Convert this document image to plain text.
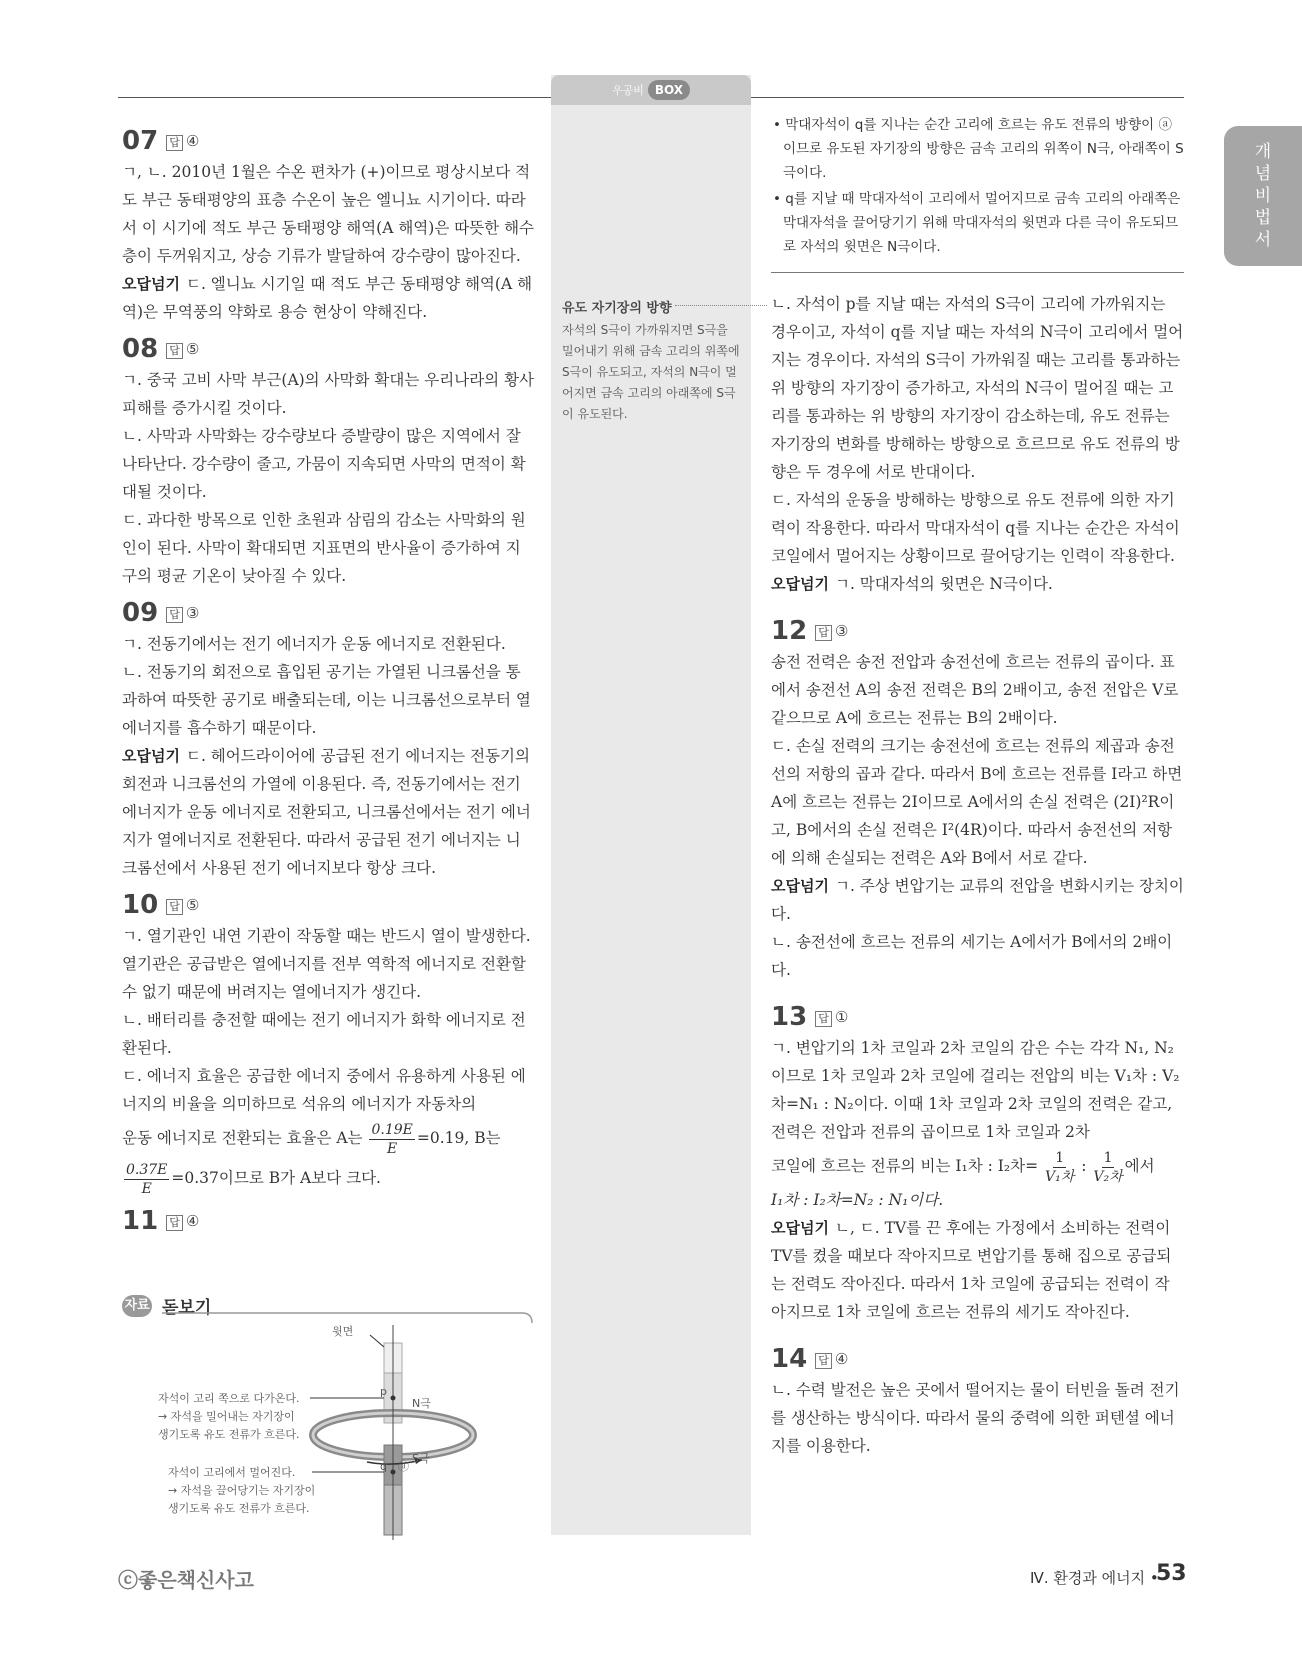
우공비 BOX
개
념
비
법
서
07 답 ④

ㄱ, ㄴ. 2010년 1월은 수온 편차가 (+)이므로 평상시보다 적도 부근 동태평양의 표층 수온이 높은 엘니뇨 시기이다. 따라서 이 시기에 적도 부근 동태평양 해역(A 해역)은 따뜻한 해수층이 두꺼워지고, 상승 기류가 발달하여 강수량이 많아진다.

오답넘기 ㄷ. 엘니뇨 시기일 때 적도 부근 동태평양 해역(A 해역)은 무역풍의 약화로 용승 현상이 약해진다.

08 답 ⑤

ㄱ. 중국 고비 사막 부근(A)의 사막화 확대는 우리나라의 황사 피해를 증가시킬 것이다.

ㄴ. 사막과 사막화는 강수량보다 증발량이 많은 지역에서 잘 나타난다. 강수량이 줄고, 가뭄이 지속되면 사막의 면적이 확대될 것이다.

ㄷ. 과다한 방목으로 인한 초원과 삼림의 감소는 사막화의 원인이 된다. 사막이 확대되면 지표면의 반사율이 증가하여 지구의 평균 기온이 낮아질 수 있다.

09 답 ③

ㄱ. 전동기에서는 전기 에너지가 운동 에너지로 전환된다.

ㄴ. 전동기의 회전으로 흡입된 공기는 가열된 니크롬선을 통과하여 따뜻한 공기로 배출되는데, 이는 니크롬선으로부터 열에너지를 흡수하기 때문이다.

오답넘기 ㄷ. 헤어드라이어에 공급된 전기 에너지는 전동기의 회전과 니크롬선의 가열에 이용된다. 즉, 전동기에서는 전기 에너지가 운동 에너지로 전환되고, 니크롬선에서는 전기 에너지가 열에너지로 전환된다. 따라서 공급된 전기 에너지는 니크롬선에서 사용된 전기 에너지보다 항상 크다.

10 답 ⑤

ㄱ. 열기관인 내연 기관이 작동할 때는 반드시 열이 발생한다. 열기관은 공급받은 열에너지를 전부 역학적 에너지로 전환할 수 없기 때문에 버려지는 열에너지가 생긴다.

ㄴ. 배터리를 충전할 때에는 전기 에너지가 화학 에너지로 전환된다.

ㄷ. 에너지 효율은 공급한 에너지 중에서 유용하게 사용된 에너지의 비율을 의미하므로 석유의 에너지가 자동차의

운동 에너지로 전환되는 효율은 A는 $\frac{0.19E}{E} =0.19$, B는

$\frac{0.37E}{E} =0.37$이므로 B가 A보다 크다.

11 답 ④
자료 돋보기
윗면
p
q
N극
S극
ⓐ
자석이 고리 쪽으로 다가온다.
→ 자석을 밀어내는 자기장이
생기도록 유도 전류가 흐른다.
자석이 고리에서 멀어진다.
→ 자석을 끌어당기는 자기장이
생기도록 유도 전류가 흐른다.
유도 자기장의 방향
자석의 S극이 가까워지면 S극을 밀어내기 위해 금속 고리의 위쪽에 S극이 유도되고, 자석의 N극이 멀어지면 금속 고리의 아래쪽에 S극이 유도된다.

• 막대자석이 q를 지나는 순간 고리에 흐르는 유도 전류의 방향이 ⓐ이므로 유도된 자기장의 방향은 금속 고리의 위쪽이 N극, 아래쪽이 S극이다.

• q를 지날 때 막대자석이 고리에서 멀어지므로 금속 고리의 아래쪽은 막대자석을 끌어당기기 위해 막대자석의 윗면과 다른 극이 유도되므로 자석의 윗면은 N극이다.

ㄴ. 자석이 p를 지날 때는 자석의 S극이 고리에 가까워지는 경우이고, 자석이 q를 지날 때는 자석의 N극이 고리에서 멀어지는 경우이다. 자석의 S극이 가까워질 때는 고리를 통과하는 위 방향의 자기장이 증가하고, 자석의 N극이 멀어질 때는 고리를 통과하는 위 방향의 자기장이 감소하는데, 유도 전류는 자기장의 변화를 방해하는 방향으로 흐르므로 유도 전류의 방향은 두 경우에 서로 반대이다.

ㄷ. 자석의 운동을 방해하는 방향으로 유도 전류에 의한 자기력이 작용한다. 따라서 막대자석이 q를 지나는 순간은 자석이 코일에서 멀어지는 상황이므로 끌어당기는 인력이 작용한다.

오답넘기 ㄱ. 막대자석의 윗면은 N극이다.

12 답 ③

송전 전력은 송전 전압과 송전선에 흐르는 전류의 곱이다. 표에서 송전선 A의 송전 전력은 B의 2배이고, 송전 전압은 V로 같으므로 A에 흐르는 전류는 B의 2배이다.

ㄷ. 손실 전력의 크기는 송전선에 흐르는 전류의 제곱과 송전선의 저항의 곱과 같다. 따라서 B에 흐르는 전류를 I라고 하면 A에 흐르는 전류는 2I이므로 A에서의 손실 전력은 (2I)²R이고, B에서의 손실 전력은 I²(4R)이다. 따라서 송전선의 저항에 의해 손실되는 전력은 A와 B에서 서로 같다.

오답넘기 ㄱ. 주상 변압기는 교류의 전압을 변화시키는 장치이다.

ㄴ. 송전선에 흐르는 전류의 세기는 A에서가 B에서의 2배이다.

13 답 ①

ㄱ. 변압기의 1차 코일과 2차 코일의 감은 수는 각각 N₁, N₂이므로 1차 코일과 2차 코일에 걸리는 전압의 비는 V₁차 : V₂차=N₁ : N₂이다. 이때 1차 코일과 2차 코일의 전력은 같고, 전력은 전압과 전류의 곱이므로 1차 코일과 2차

코일에 흐르는 전류의 비는 I₁차 : I₂차= $\frac{1}{\text{V₁차}}$ : $\frac{1}{\text{V₂차}}$ 에서

I₁차 : I₂차=N₂ : N₁이다.

오답넘기 ㄴ, ㄷ. TV를 끈 후에는 가정에서 소비하는 전력이 TV를 켰을 때보다 작아지므로 변압기를 통해 집으로 공급되는 전력도 작아진다. 따라서 1차 코일에 공급되는 전력이 작아지므로 1차 코일에 흐르는 전류의 세기도 작아진다.

14 답 ④

ㄴ. 수력 발전은 높은 곳에서 떨어지는 물이 터빈을 돌려 전기를 생산하는 방식이다. 따라서 물의 중력에 의한 퍼텐셜 에너지를 이용한다.

ⓒ좋은책신사고	Ⅳ. 환경과 에너지 •
53
